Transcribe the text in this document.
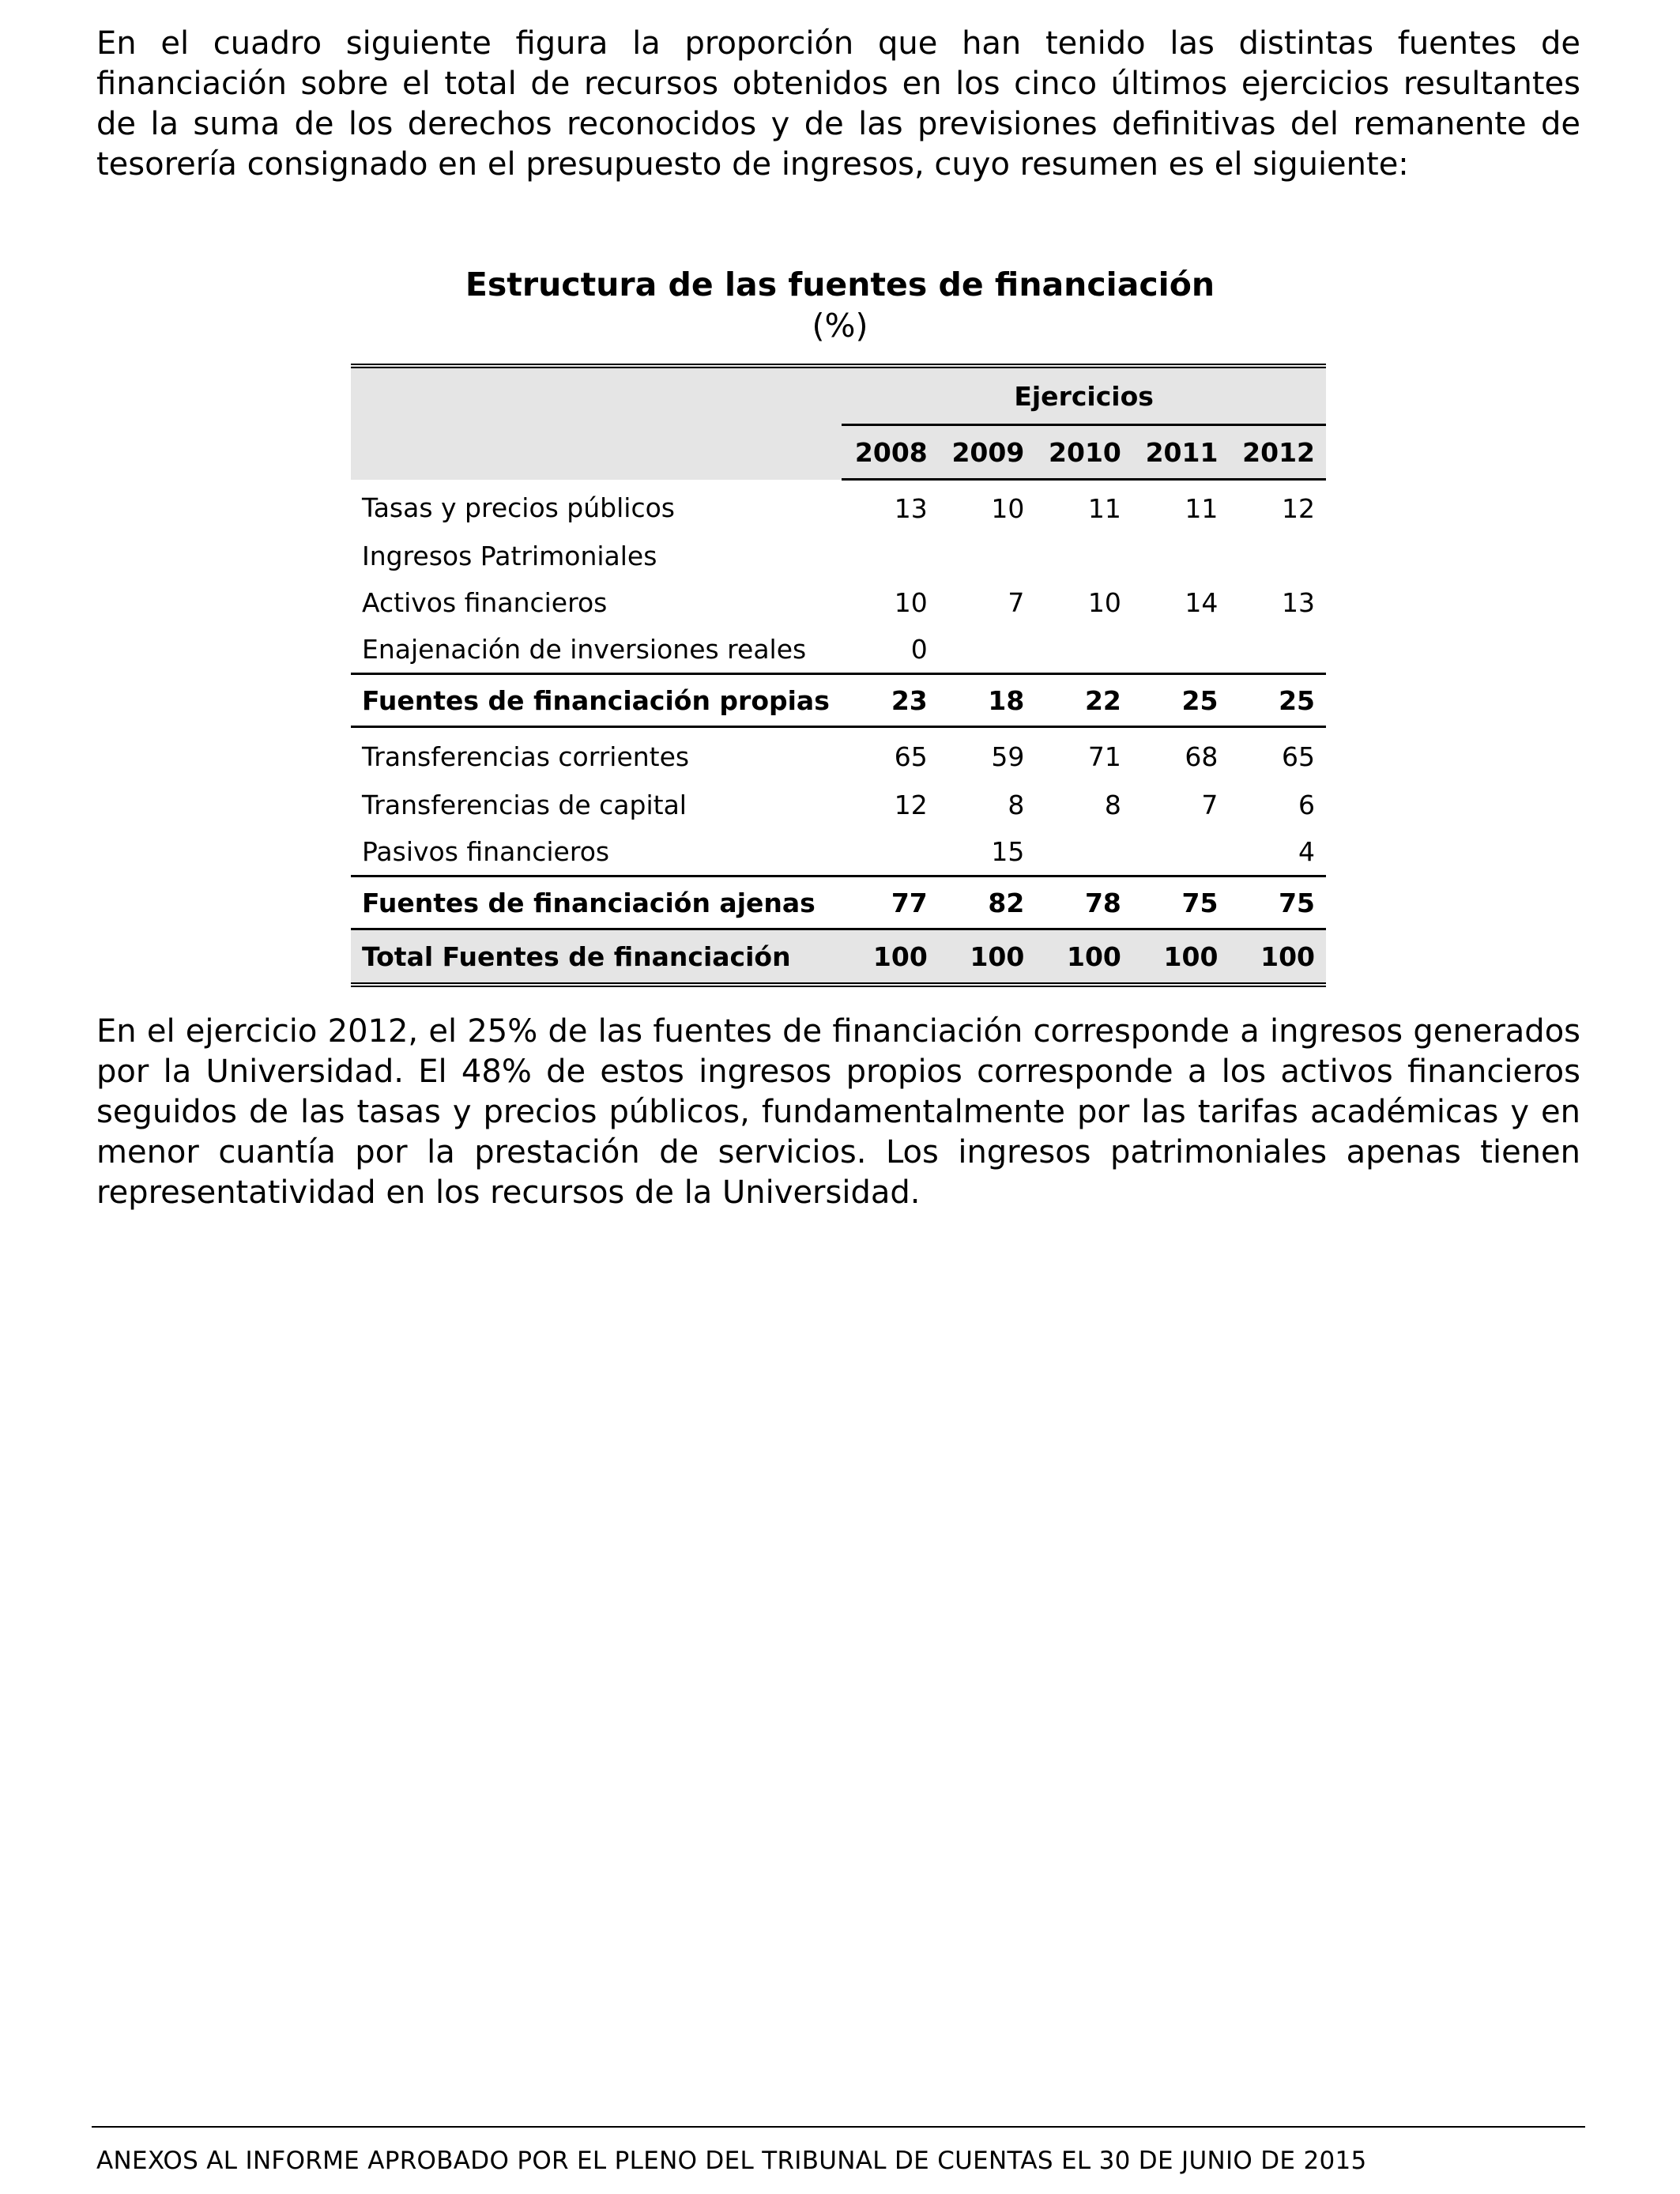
En el cuadro siguiente figura la proporción que han tenido las distintas fuentes de financiación sobre el total de recursos obtenidos en los cinco últimos ejercicios resultantes de la suma de los derechos reconocidos y de las previsiones definitivas del remanente de tesorería consignado en el presupuesto de ingresos, cuyo resumen es el siguiente:

Estructura de las fuentes de financiación

(%)

	Ejercicios				
	2008	2009	2010	2011	2012
Tasas y precios públicos	13	10	11	11	12
Ingresos Patrimoniales					
Activos financieros	10	7	10	14	13
Enajenación de inversiones reales	0				
Fuentes de financiación propias	23	18	22	25	25
Transferencias corrientes	65	59	71	68	65
Transferencias de capital	12	8	8	7	6
Pasivos financieros		15			4
Fuentes de financiación ajenas	77	82	78	75	75
Total Fuentes de financiación	100	100	100	100	100

En el ejercicio 2012, el 25% de las fuentes de financiación corresponde a ingresos generados por la Universidad. El 48% de estos ingresos propios corresponde a los activos financieros seguidos de las tasas y precios públicos, fundamentalmente por las tarifas académicas y en menor cuantía por la prestación de servicios. Los ingresos patrimoniales apenas tienen representatividad en los recursos de la Universidad.

ANEXOS AL INFORME APROBADO POR EL PLENO DEL TRIBUNAL DE CUENTAS EL 30 DE JUNIO DE 2015
